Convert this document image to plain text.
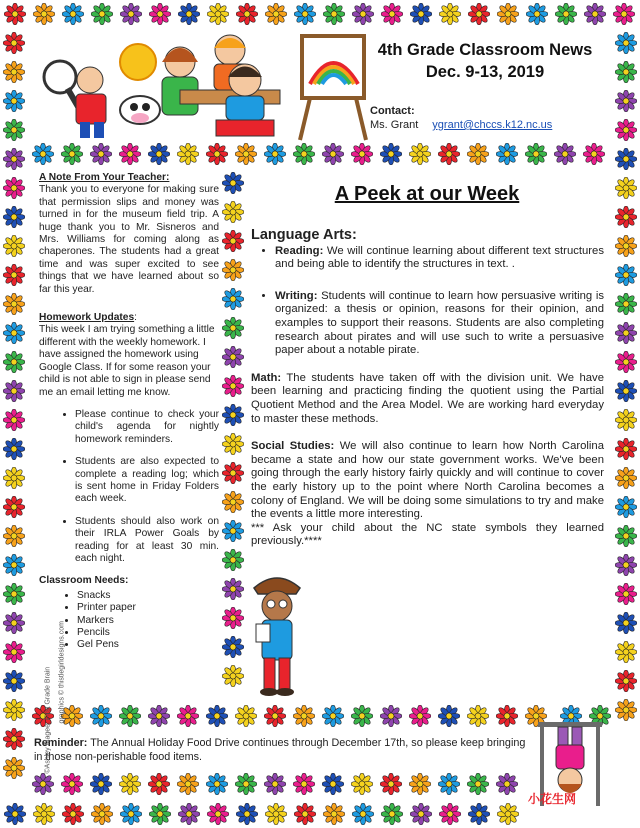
4th Grade Classroom News
Dec. 9-13, 2019
Contact:
Ms. Grant ygrant@chccs.k12.nc.us

A Note From Your Teacher:

Thank you to everyone for making sure that permission slips and money was turned in for the museum field trip. A huge thank you to Mr. Sisneros and Mrs. Williams for coming along as chaperones. The students had a great time and was super excited to see things that we have learned about so far this year.

Homework Updates:

This week I am trying something a little different with the weekly homework. I have assigned the homework using Google Class. If for some reason your child is not able to sign in please send me an email letting me know.

• Please continue to check your child's agenda for nightly homework reminders.
• Students are also expected to complete a reading log; which is sent home in Friday Folders each week.
• Students should also work on their IRLA Power Goals by reading for at least 30 min. each night.

Classroom Needs:

• Snacks
• Printer paper
• Markers
• Pencils
• Gel Pens
A Peek at our Week
Language Arts:
• Reading: We will continue learning about different text structures and being able to identify the structures in text. .
• Writing: Students will continue to learn how persuasive writing is organized: a thesis or opinion, reasons for their opinion, and examples to support their reasons. Students are also completing research about pirates and will use such to write a persuasive paper about a notable pirate.

Math: The students have taken off with the division unit. We have been learning and practicing finding the quotient using the Partial Quotient Method and the Area Model. We are working hard everyday to master these methods.

Social Studies: We will also continue to learn how North Carolina became a state and how our state government works. We've been going through the early history fairly quickly and will continue to cover the early history up to the point where North Carolina becomes a colony of England. We will be doing some simulations to try and make the events a little more interesting.

*** Ask your child about the NC state symbols they learned previously.****

Reminder: The Annual Holiday Food Drive continues through December 17th, so please keep bringing in those non-perishable food items.
小花生网
graphics © thistlegirldesigns.com
©Ashley Magee, First Grade Brain
